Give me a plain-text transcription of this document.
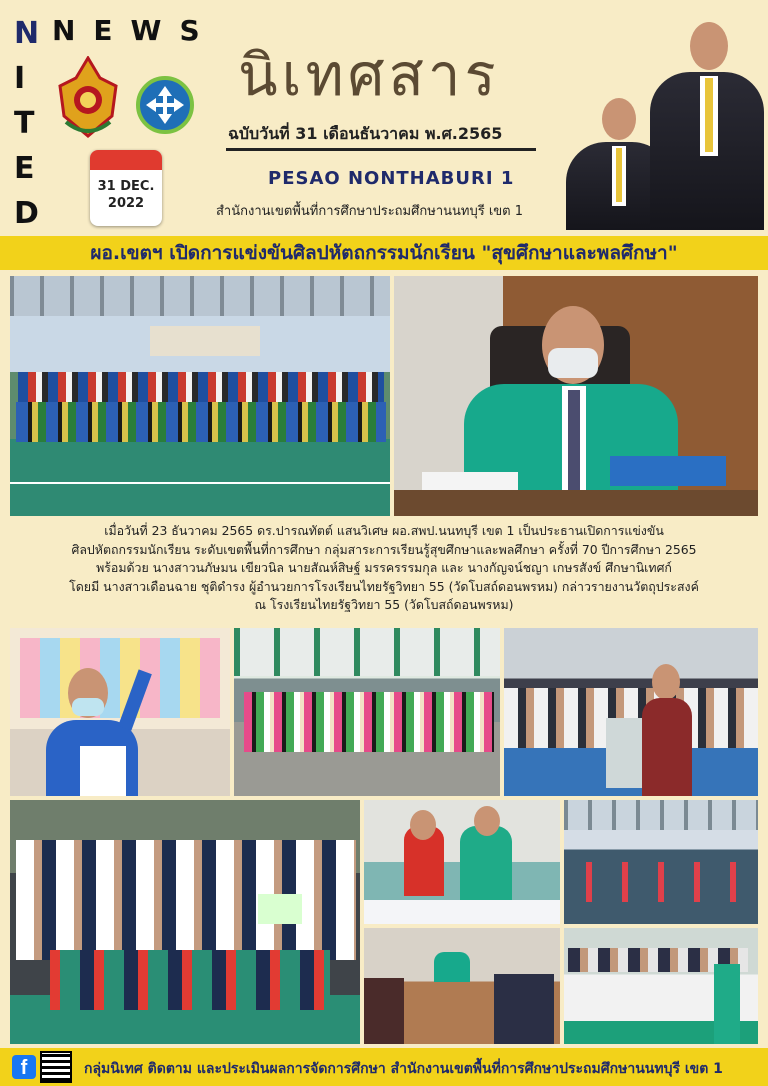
NEWS
N
I
T
E
D
31 DEC.
2022
นิเทศสาร
ฉบับวันที่ 31 เดือนธันวาคม พ.ศ.2565
PESAO NONTHABURI 1
สำนักงานเขตพื้นที่การศึกษาประถมศึกษานนทบุรี เขต 1
ผอ.เขตฯ เปิดการแข่งขันศิลปหัตถกรรมนักเรียน "สุขศึกษาและพลศึกษา"
เมื่อวันที่ 23 ธันวาคม 2565 ดร.ปารณทัตต์ แสนวิเศษ ผอ.สพป.นนทบุรี เขต 1 เป็นประธานเปิดการแข่งขัน
ศิลปหัตถกรรมนักเรียน ระดับเขตพื้นที่การศึกษา กลุ่มสาระการเรียนรู้สุขศึกษาและพลศึกษา ครั้งที่ 70 ปีการศึกษา 2565
พร้อมด้วย นางสาวนภัษมน เขียวนิล นายสัณห์สิษฐ์ มรรครรรมกุล และ นางกัญจน์ชญา เกษรสังข์ ศึกษานิเทศก์
โดยมี นางสาวเดือนฉาย ชุติดำรง ผู้อำนวยการโรงเรียนไทยรัฐวิทยา 55 (วัดโบสถ์ดอนพรหม) กล่าวรายงานวัตถุประสงค์
ณ โรงเรียนไทยรัฐวิทยา 55 (วัดโบสถ์ดอนพรหม)
f	กลุ่มนิเทศ ติดตาม และประเมินผลการจัดการศึกษา สำนักงานเขตพื้นที่การศึกษาประถมศึกษานนทบุรี เขต 1
